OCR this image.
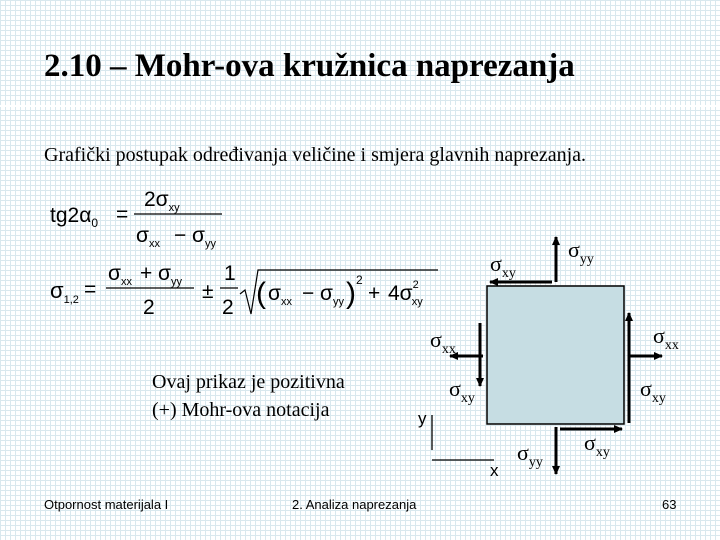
2.10 – Mohr-ova kružnica naprezanja
Grafički postupak određivanja veličine i smjera glavnih naprezanja.
$tg2\alpha_0$ =
$2\sigma_{xy}$
$\sigma_{xx} - \sigma_{yy}$
$\sigma_{1,2}$ =
$\sigma_{xx} + \sigma_{yy}$
2
±
1
2 ( $\sigma_{xx} - \sigma_{yy}$ ) 2
+ $4\sigma^2$ xy
Ovaj prikaz je pozitivna
(+) Mohr-ova notacija
$\sigma_{yy}$
$\sigma_{xy}$
$\sigma_{xx}$
$\sigma_{xx}$
$\sigma_{xy}$	$\sigma_{xy}$
$\sigma_{yy}$
$\sigma_{xy}$
y
x
Otpornost materijala I	2. Analiza naprezanja	63
